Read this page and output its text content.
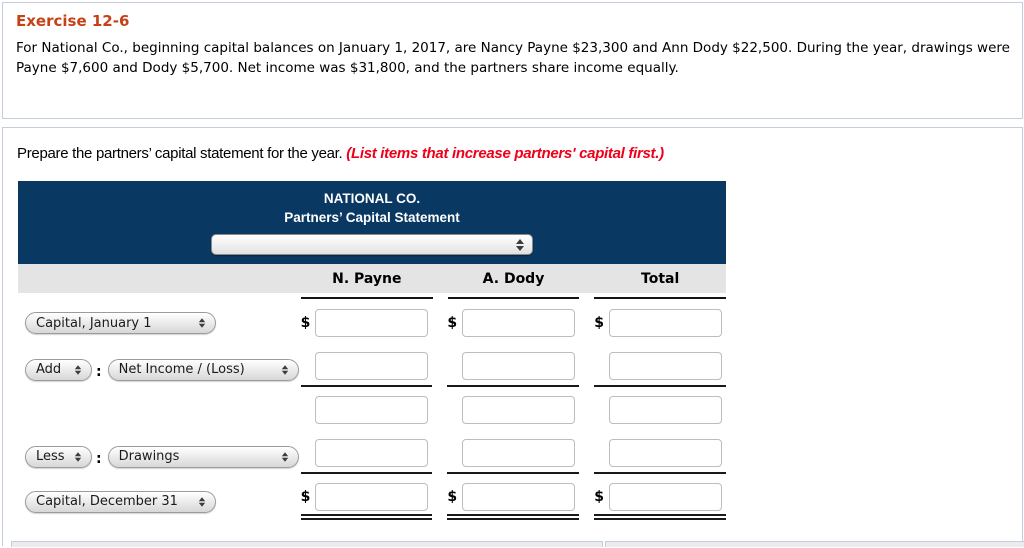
Exercise 12-6
For National Co., beginning capital balances on January 1, 2017, are Nancy Payne $23,300 and Ann Dody $22,500. During the year, drawings were Payne $7,600 and Dody $5,700. Net income was $31,800, and the partners share income equally.
Prepare the partners’ capital statement for the year. (List items that increase partners' capital first.)
NATIONAL CO.
Partners’ Capital Statement
N. Payne	A. Dody	Total
Capital, January 1	$	$	$
Add : Net Income / (Loss)
Less : Drawings
Capital, December 31	$	$	$
